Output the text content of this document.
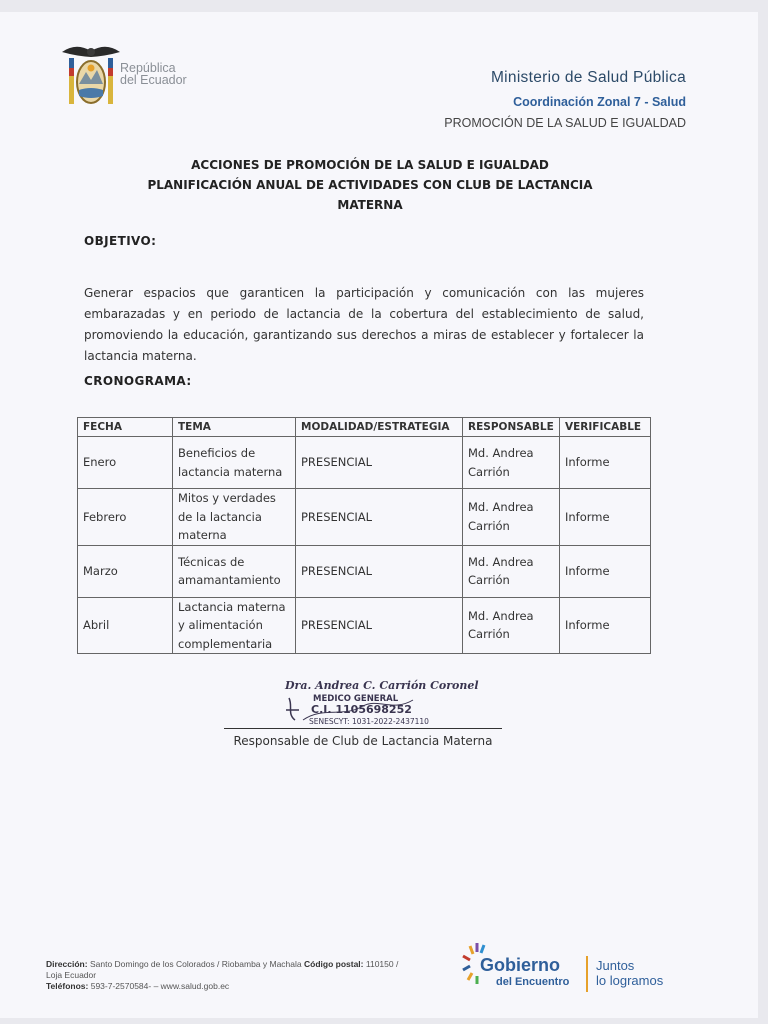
República
del Ecuador	Ministerio de Salud Pública
Coordinación Zonal 7 - Salud
PROMOCIÓN DE LA SALUD E IGUALDAD
ACCIONES DE PROMOCIÓN DE LA SALUD E IGUALDAD
PLANIFICACIÓN ANUAL DE ACTIVIDADES CON CLUB DE LACTANCIA
MATERNA
OBJETIVO:
Generar espacios que garanticen la participación y comunicación con las mujeres embarazadas y en periodo de lactancia de la cobertura del establecimiento de salud, promoviendo la educación, garantizando sus derechos a miras de establecer y fortalecer la lactancia materna.
CRONOGRAMA:
FECHA	TEMA	MODALIDAD/ESTRATEGIA	RESPONSABLE	VERIFICABLE
Enero	Beneficios de lactancia materna	PRESENCIAL	Md. Andrea Carrión	Informe
Febrero	Mitos y verdades de la lactancia materna	PRESENCIAL	Md. Andrea Carrión	Informe
Marzo	Técnicas de amamantamiento	PRESENCIAL	Md. Andrea Carrión	Informe
Abril	Lactancia materna y alimentación complementaria	PRESENCIAL	Md. Andrea Carrión	Informe
Dra. Andrea C. Carrión Coronel
MEDICO GENERAL
C.I. 1105698252
SENESCYT: 1031-2022-2437110
Responsable de Club de Lactancia Materna
Dirección: Santo Domingo de los Colorados / Riobamba y Machala Código postal: 110150 /
Loja Ecuador
Teléfonos: 593-7-2570584- – www.salud.gob.ec
Gobierno
del Encuentro
Juntos
lo logramos
